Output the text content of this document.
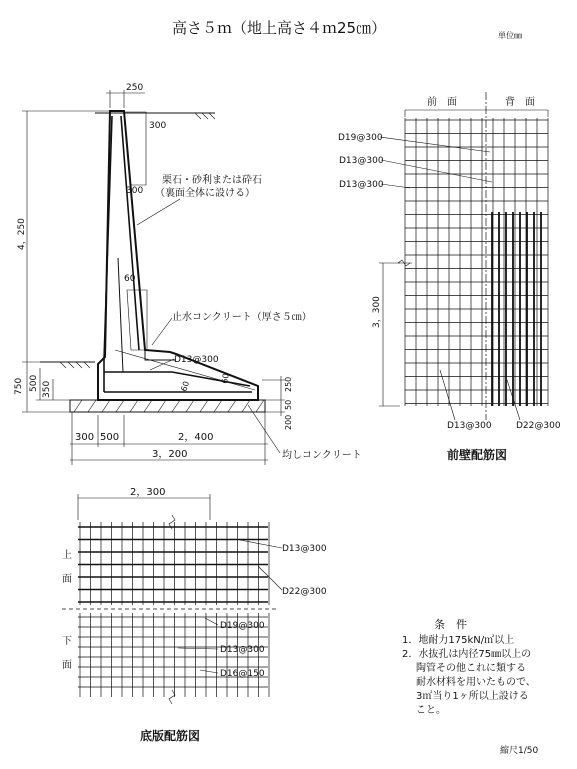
高さ５ｍ（地上高さ４ｍ25㎝）	単位㎜
縮尺1/50
250
300
300
60
4，250
750 500 350	60
60	250
50
200
300 500	2，400
3，200
栗石・砂利または砕石
（裏面全体に設ける）
止水コンクリート（厚さ５㎝）
D13@300
均しコンクリート
前　面	背　面
D19@300
D13@300
D13@300
3，300
D13@300	D22@300
前壁配筋図
2，300
上
面
下
面
D13@300
D22@300
D19@300
D13@300
D16@150
底版配筋図
条　件
1．地耐力175kN/㎡以上
2．水抜孔は内径75㎜以上の
陶管その他これに類する
耐水材料を用いたもので、
3㎡当り1ヶ所以上設ける
こと。
